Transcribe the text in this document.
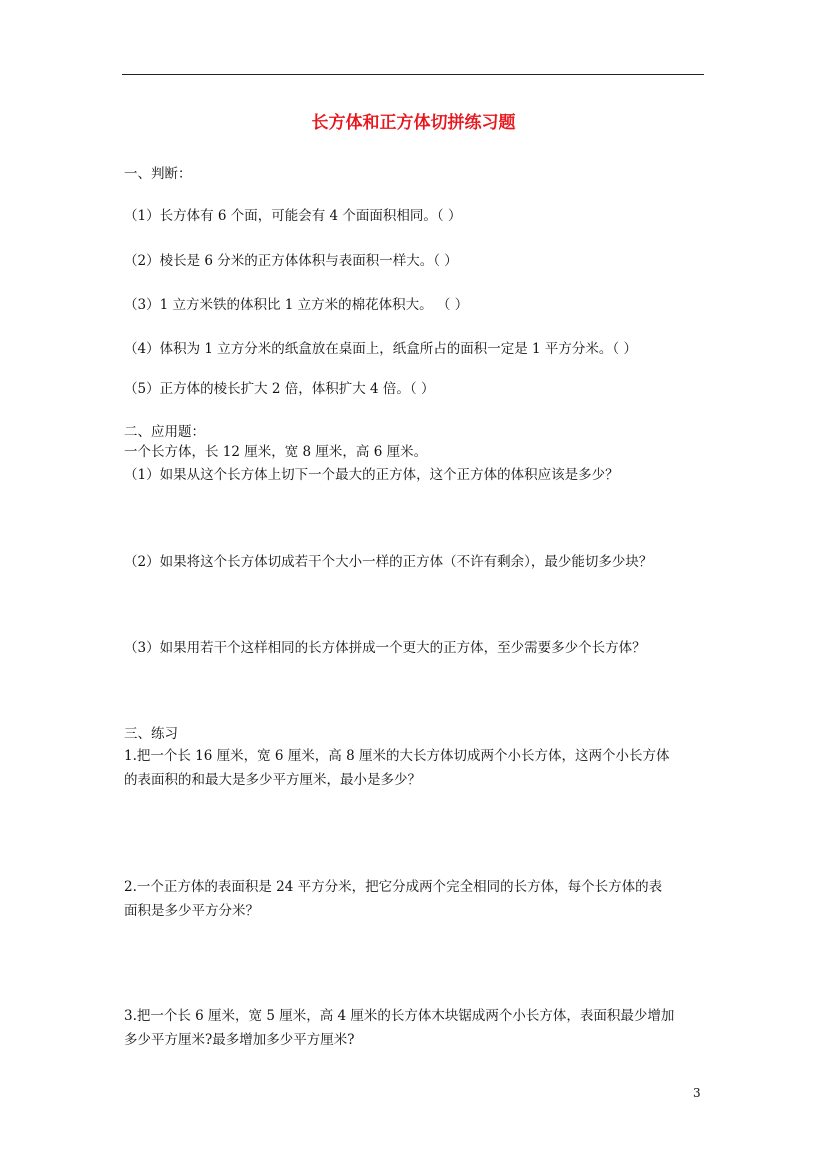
长方体和正方体切拼练习题
一、判断：
（1）长方体有 6 个面，可能会有 4 个面面积相同。（ ）
（2）棱长是 6 分米的正方体体积与表面积一样大。（ ）
（3）1 立方米铁的体积比 1 立方米的棉花体积大。 （ ）
（4）体积为 1 立方分米的纸盒放在桌面上，纸盒所占的面积一定是 1 平方分米。（ ）
（5）正方体的棱长扩大 2 倍，体积扩大 4 倍。（ ）
二、应用题：
一个长方体，长 12 厘米，宽 8 厘米，高 6 厘米。
（1）如果从这个长方体上切下一个最大的正方体，这个正方体的体积应该是多少？
（2）如果将这个长方体切成若干个大小一样的正方体（不许有剩余），最少能切多少块？
（3）如果用若干个这样相同的长方体拼成一个更大的正方体，至少需要多少个长方体？
三、练习
1.把一个长 16 厘米，宽 6 厘米，高 8 厘米的大长方体切成两个小长方体，这两个小长方体
的表面积的和最大是多少平方厘米，最小是多少？
2.一个正方体的表面积是 24 平方分米，把它分成两个完全相同的长方体，每个长方体的表
面积是多少平方分米？
3.把一个长 6 厘米，宽 5 厘米，高 4 厘米的长方体木块锯成两个小长方体，表面积最少增加
多少平方厘米?最多增加多少平方厘米?
3
